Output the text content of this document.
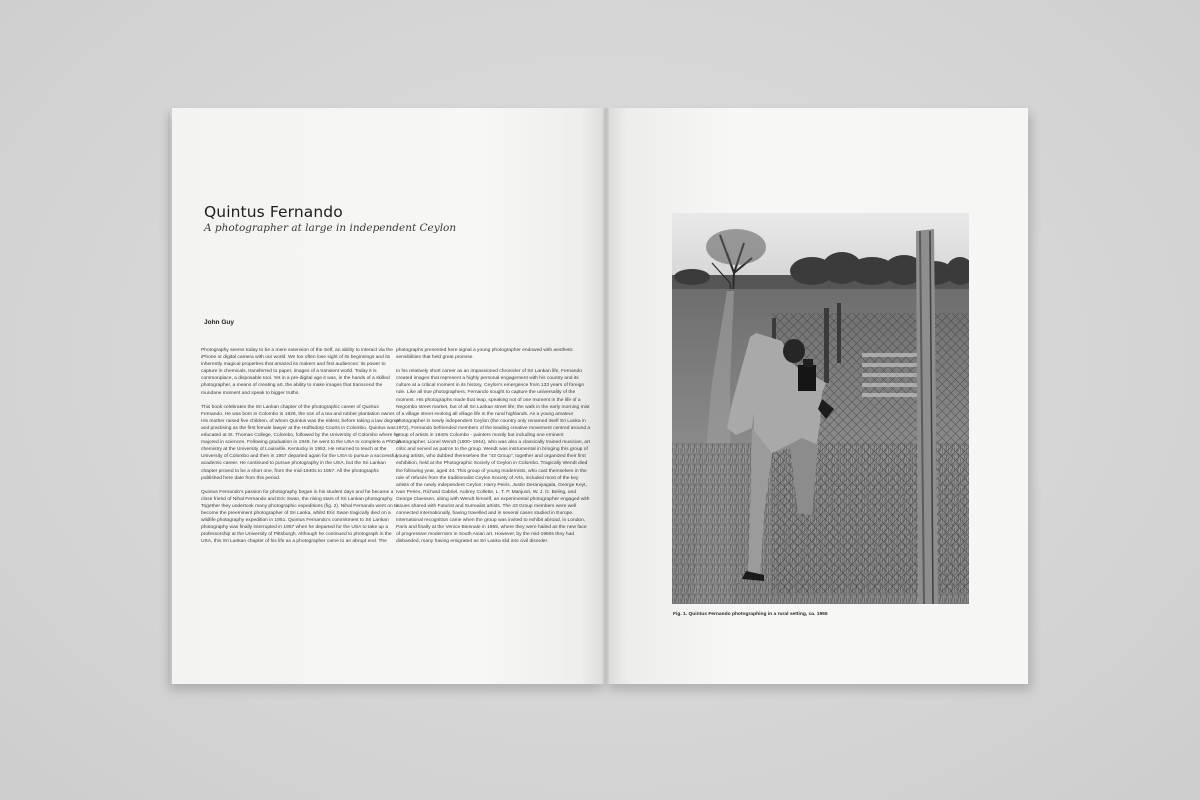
Quintus Fernando
A photographer at large in independent Ceylon
John Guy

Photography seems today to be a mere extension of the Self, an ability to interact via the iPhone or digital camera with our world. We too often lose sight of its beginnings and its inherently magical properties that amazed its makers and first audiences: its power to capture in chemicals, transferred to paper, images of a transient world. Today it is commonplace, a disposable tool. Yet in a pre-digital age it was, in the hands of a skilled photographer, a means of creating art, the ability to make images that transcend the mundane moment and speak to bigger truths.

This book celebrates the Sri Lankan chapter of the photographic career of Quintus Fernando. He was born in Colombo in 1926, the son of a tea and rubber plantation owner. His mother raised five children, of whom Quintus was the eldest, before taking a law degree and practising as the first female lawyer at the Hulftsdorp Courts in Colombo. Quintus was educated at St. Thomas College, Colombo, followed by the University of Colombo where he majored in sciences. Following graduation in 1949, he went to the USA to complete a PhD in chemistry at the University of Louisville, Kentucky in 1953. He returned to teach at the University of Colombo and then in 1957 departed again for the USA to pursue a successful academic career. He continued to pursue photography in the USA, but the Sri Lankan chapter proved to be a short one, from the mid-1940s to 1957. All the photographs published here date from this period.

Quintus Fernando's passion for photography began in his student days and he became a close friend of Nihal Fernando and Eric Swan, the rising stars of Sri Lankan photography. Together they undertook many photographic expeditions (fig. 2). Nihal Fernando went on to become the preeminent photographer of Sri Lanka, whilst Eric Swan tragically died on a wildlife photography expedition in 1951. Quintus Fernando's commitment to Sri Lankan photography was finally interrupted in 1957 when he departed for the USA to take up a professorship at the University of Pittsburgh. Although he continued to photograph in the USA, this Sri Lankan chapter of his life as a photographer came to an abrupt end. The

photographs presented here signal a young photographer endowed with aesthetic sensibilities that held great promise.

In his relatively short career as an impassioned chronicler of Sri Lankan life, Fernando created images that represent a highly personal engagement with his country and its culture at a critical moment in its history, Ceylon's emergence from 133 years of foreign rule. Like all true photographers, Fernando sought to capture the universality of the moment. His photographs made that leap, speaking not of one moment in the life of a Negombo street market, but of all Sri Lankan street life; the walk in the early morning mist of a village street evoking all village life in the rural highlands. As a young amateur photographer in newly independent Ceylon (the country only renamed itself Sri Lanka in 1972), Fernando befriended members of the leading creative movement centred around a group of artists in 1940s Colombo - painters mostly but including one eminent photographer, Lionel Wendt (1900–1944), who was also a classically trained musician, art critic and served as patron to the group. Wendt was instrumental in bringing this group of young artists, who dubbed themselves the "43 Group", together and organized their first exhibition, held at the Photographic Society of Ceylon in Colombo. Tragically Wendt died the following year, aged 44. This group of young modernists, who cast themselves in the role of refusés from the traditionalist Ceylon Society of Arts, included most of the key artists of the newly independent Ceylon: Harry Peiris, Justin Deraniyagala, George Keyt, Ivan Peries, Richard Gabriel, Aubrey Collette, L. T. P. Manjusri, W. J. G. Beling, and George Claessen, along with Wendt himself, an experimental photographer engaged with issues shared with Futurist and Surrealist artists. The 43 Group members were well connected internationally, having travelled and in several cases studied in Europe. International recognition came when the group was invited to exhibit abroad, in London, Paris and finally at the Venice Biennale in 1955, where they were hailed as the new face of progressive modernism in South Asian art. However, by the mid-1960s they had disbanded, many having emigrated as Sri Lanka slid into civil disorder.

Fig. 1. Quintus Fernando photographing in a rural setting, ca. 1955
